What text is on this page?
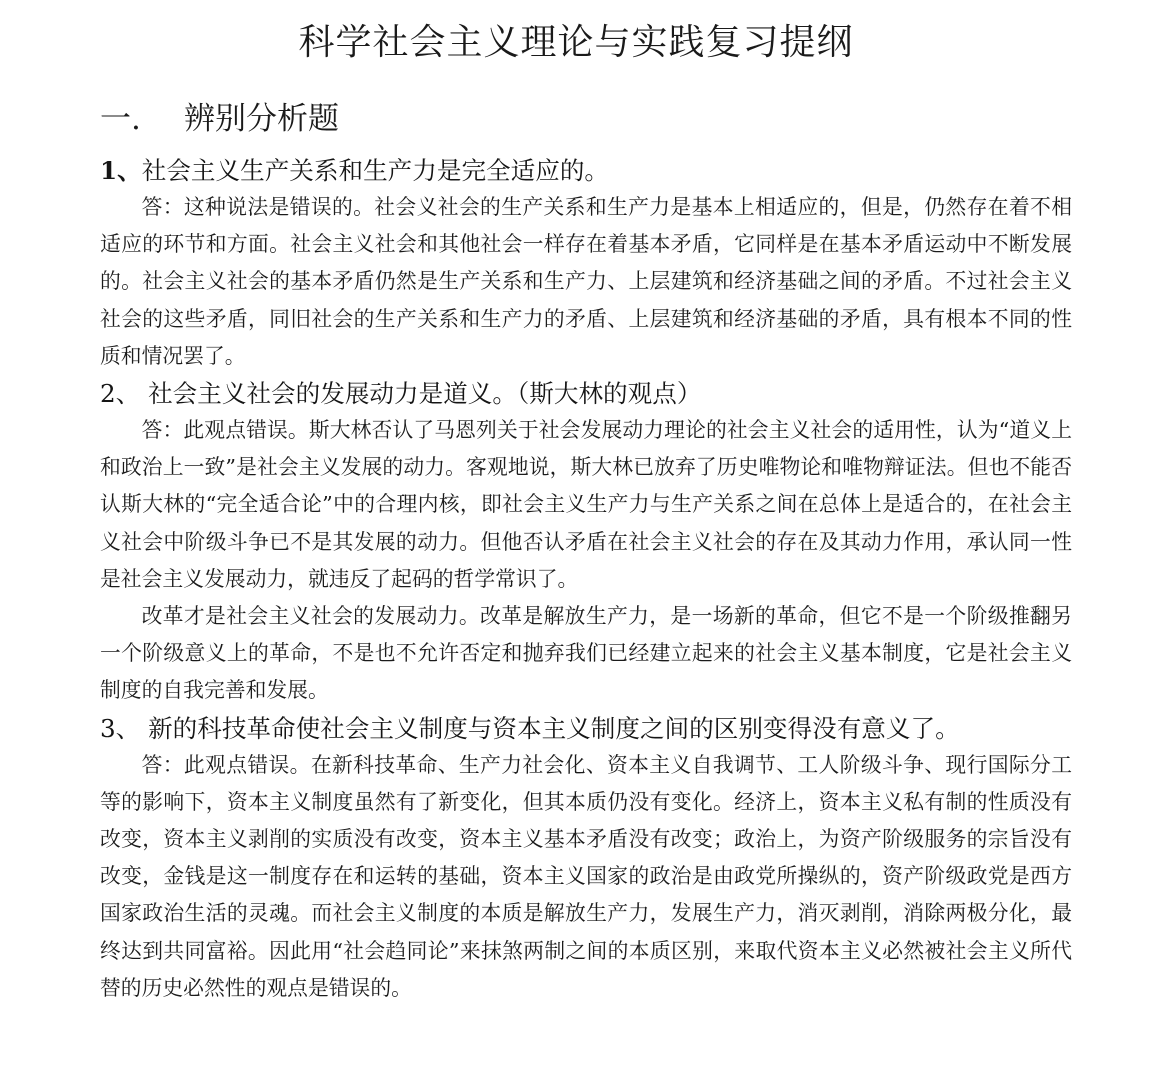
科学社会主义理论与实践复习提纲
一. 辨别分析题

1、社会主义生产关系和生产力是完全适应的。

答：这种说法是错误的。社会义社会的生产关系和生产力是基本上相适应的，但是，仍然存在着不相适应的环节和方面。社会主义社会和其他社会一样存在着基本矛盾，它同样是在基本矛盾运动中不断发展的。社会主义社会的基本矛盾仍然是生产关系和生产力、上层建筑和经济基础之间的矛盾。不过社会主义社会的这些矛盾，同旧社会的生产关系和生产力的矛盾、上层建筑和经济基础的矛盾，具有根本不同的性质和情况罢了。

2、 社会主义社会的发展动力是道义。（斯大林的观点）

答：此观点错误。斯大林否认了马恩列关于社会发展动力理论的社会主义社会的适用性，认为“道义上和政治上一致”是社会主义发展的动力。客观地说，斯大林已放弃了历史唯物论和唯物辩证法。但也不能否认斯大林的“完全适合论”中的合理内核，即社会主义生产力与生产关系之间在总体上是适合的，在社会主义社会中阶级斗争已不是其发展的动力。但他否认矛盾在社会主义社会的存在及其动力作用，承认同一性是社会主义发展动力，就违反了起码的哲学常识了。

改革才是社会主义社会的发展动力。改革是解放生产力，是一场新的革命，但它不是一个阶级推翻另一个阶级意义上的革命，不是也不允许否定和抛弃我们已经建立起来的社会主义基本制度，它是社会主义制度的自我完善和发展。

3、 新的科技革命使社会主义制度与资本主义制度之间的区别变得没有意义了。

答：此观点错误。在新科技革命、生产力社会化、资本主义自我调节、工人阶级斗争、现行国际分工等的影响下，资本主义制度虽然有了新变化，但其本质仍没有变化。经济上，资本主义私有制的性质没有改变，资本主义剥削的实质没有改变，资本主义基本矛盾没有改变；政治上，为资产阶级服务的宗旨没有改变，金钱是这一制度存在和运转的基础，资本主义国家的政治是由政党所操纵的，资产阶级政党是西方国家政治生活的灵魂。而社会主义制度的本质是解放生产力，发展生产力，消灭剥削，消除两极分化，最终达到共同富裕。因此用“社会趋同论”来抹煞两制之间的本质区别，来取代资本主义必然被社会主义所代替的历史必然性的观点是错误的。
